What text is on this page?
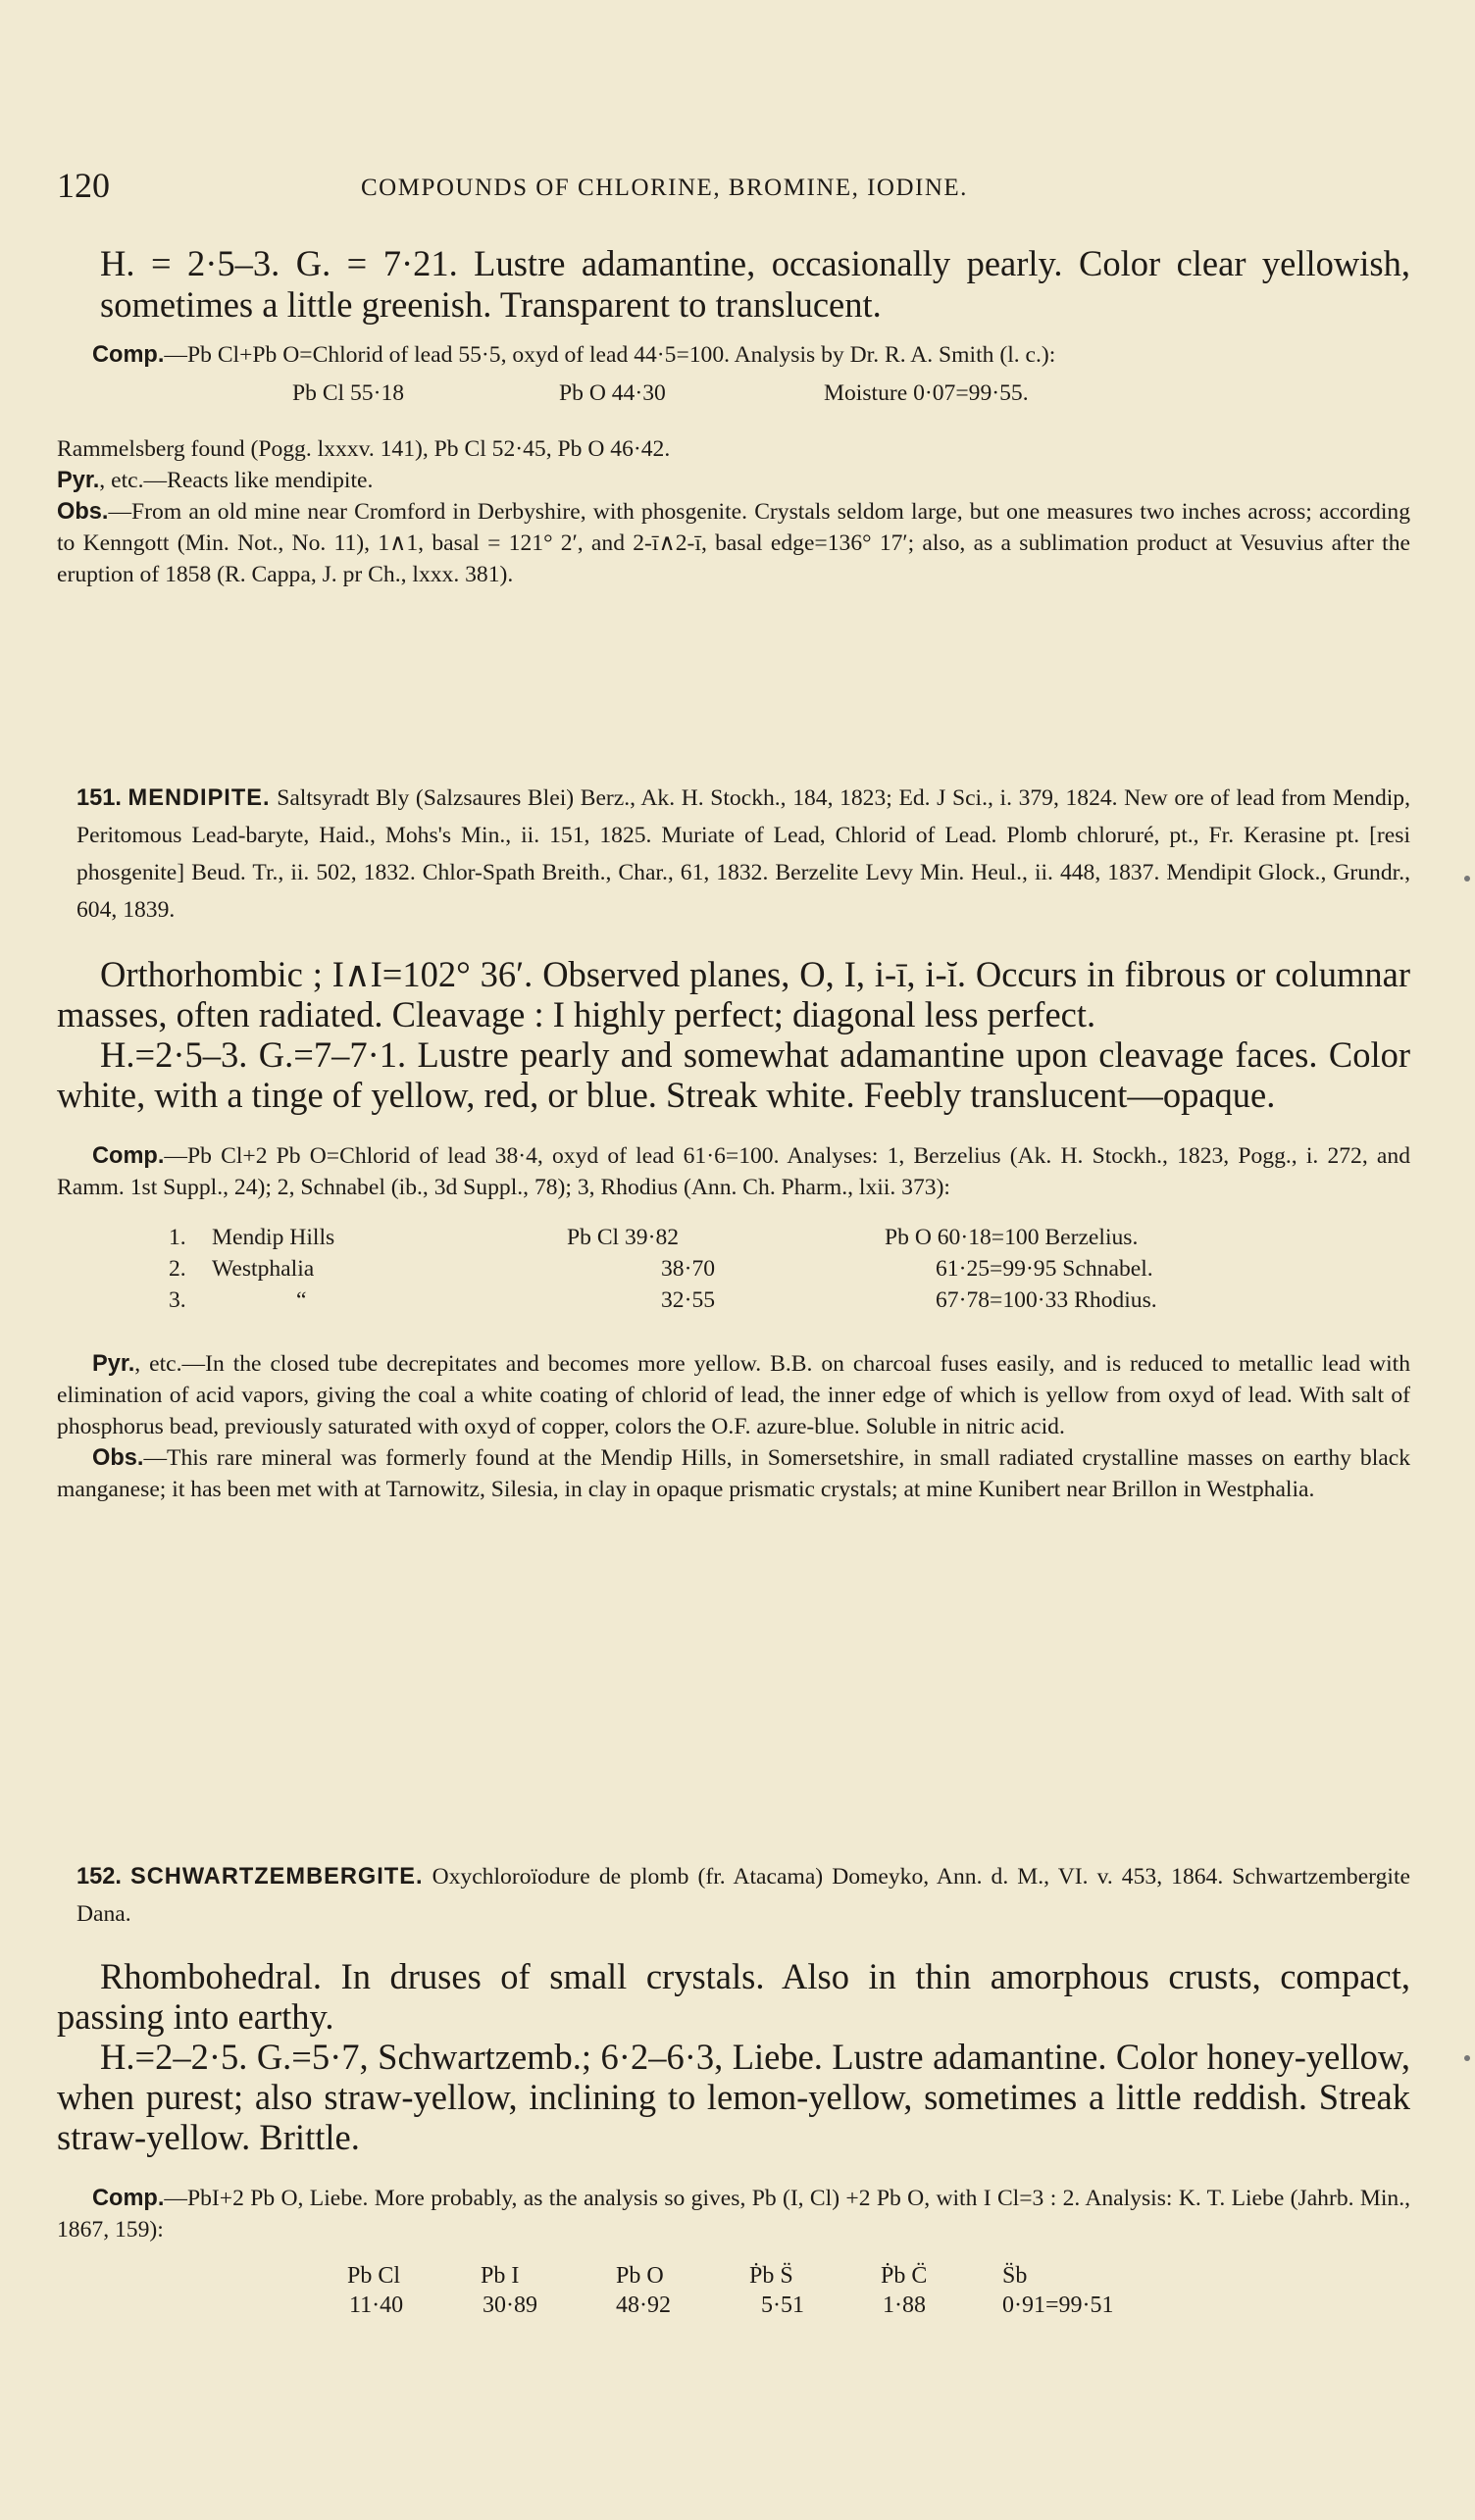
120	COMPOUNDS OF CHLORINE, BROMINE, IODINE.

H. = 2·5–3. G. = 7·21. Lustre adamantine, occasionally pearly. Color clear yellowish, sometimes a little greenish. Transparent to translucent.

Comp.—Pb Cl+Pb O=Chlorid of lead 55·5, oxyd of lead 44·5=100. Analysis by Dr. R. A. Smith (l. c.):

Pb Cl 55·18	Pb O 44·30	Moisture 0·07=99·55.

Rammelsberg found (Pogg. lxxxv. 141), Pb Cl 52·45, Pb O 46·42.

Pyr., etc.—Reacts like mendipite.

Obs.—From an old mine near Cromford in Derbyshire, with phosgenite. Crystals seldom large, but one measures two inches across; according to Kenngott (Min. Not., No. 11), 1∧1, basal = 121° 2′, and 2-ī∧2-ī, basal edge=136° 17′; also, as a sublimation product at Vesuvius after the eruption of 1858 (R. Cappa, J. pr Ch., lxxx. 381).

151. MENDIPITE. Saltsyradt Bly (Salzsaures Blei) Berz., Ak. H. Stockh., 184, 1823; Ed. J Sci., i. 379, 1824. New ore of lead from Mendip, Peritomous Lead-baryte, Haid., Mohs's Min., ii. 151, 1825. Muriate of Lead, Chlorid of Lead. Plomb chloruré, pt., Fr. Kerasine pt. [resi phosgenite] Beud. Tr., ii. 502, 1832. Chlor-Spath Breith., Char., 61, 1832. Berzelite Levy Min. Heul., ii. 448, 1837. Mendipit Glock., Grundr., 604, 1839.

Orthorhombic ; I∧I=102° 36′. Observed planes, O, I, i-ī, i-ĭ. Occurs in fibrous or columnar masses, often radiated. Cleavage : I highly perfect; diagonal less perfect.

H.=2·5–3. G.=7–7·1. Lustre pearly and somewhat adamantine upon cleavage faces. Color white, with a tinge of yellow, red, or blue. Streak white. Feebly translucent—opaque.

Comp.—Pb Cl+2 Pb O=Chlorid of lead 38·4, oxyd of lead 61·6=100. Analyses: 1, Berzelius (Ak. H. Stockh., 1823, Pogg., i. 272, and Ramm. 1st Suppl., 24); 2, Schnabel (ib., 3d Suppl., 78); 3, Rhodius (Ann. Ch. Pharm., lxii. 373):

1. Mendip Hills	Pb Cl 39·82	Pb O 60·18=100 Berzelius.
2. Westphalia	38·70	61·25=99·95 Schnabel.
3.	“	32·55	67·78=100·33 Rhodius.

Pyr., etc.—In the closed tube decrepitates and becomes more yellow. B.B. on charcoal fuses easily, and is reduced to metallic lead with elimination of acid vapors, giving the coal a white coating of chlorid of lead, the inner edge of which is yellow from oxyd of lead. With salt of phosphorus bead, previously saturated with oxyd of copper, colors the O.F. azure-blue. Soluble in nitric acid.

Obs.—This rare mineral was formerly found at the Mendip Hills, in Somersetshire, in small radiated crystalline masses on earthy black manganese; it has been met with at Tarnowitz, Silesia, in clay in opaque prismatic crystals; at mine Kunibert near Brillon in Westphalia.

152. SCHWARTZEMBERGITE. Oxychloroïodure de plomb (fr. Atacama) Domeyko, Ann. d. M., VI. v. 453, 1864. Schwartzembergite Dana.

Rhombohedral. In druses of small crystals. Also in thin amorphous crusts, compact, passing into earthy.

H.=2–2·5. G.=5·7, Schwartzemb.; 6·2–6·3, Liebe. Lustre adamantine. Color honey-yellow, when purest; also straw-yellow, inclining to lemon-yellow, sometimes a little reddish. Streak straw-yellow. Brittle.

Comp.—PbI+2 Pb O, Liebe. More probably, as the analysis so gives, Pb (I, Cl) +2 Pb O, with I Cl=3 : 2. Analysis: K. T. Liebe (Jahrb. Min., 1867, 159):

Pb Cl	Pb I	Pb O	Ṗb S̈	Ṗb C̈	S̈b
11·40	30·89	48·92	5·51	1·88	0·91=99·51
